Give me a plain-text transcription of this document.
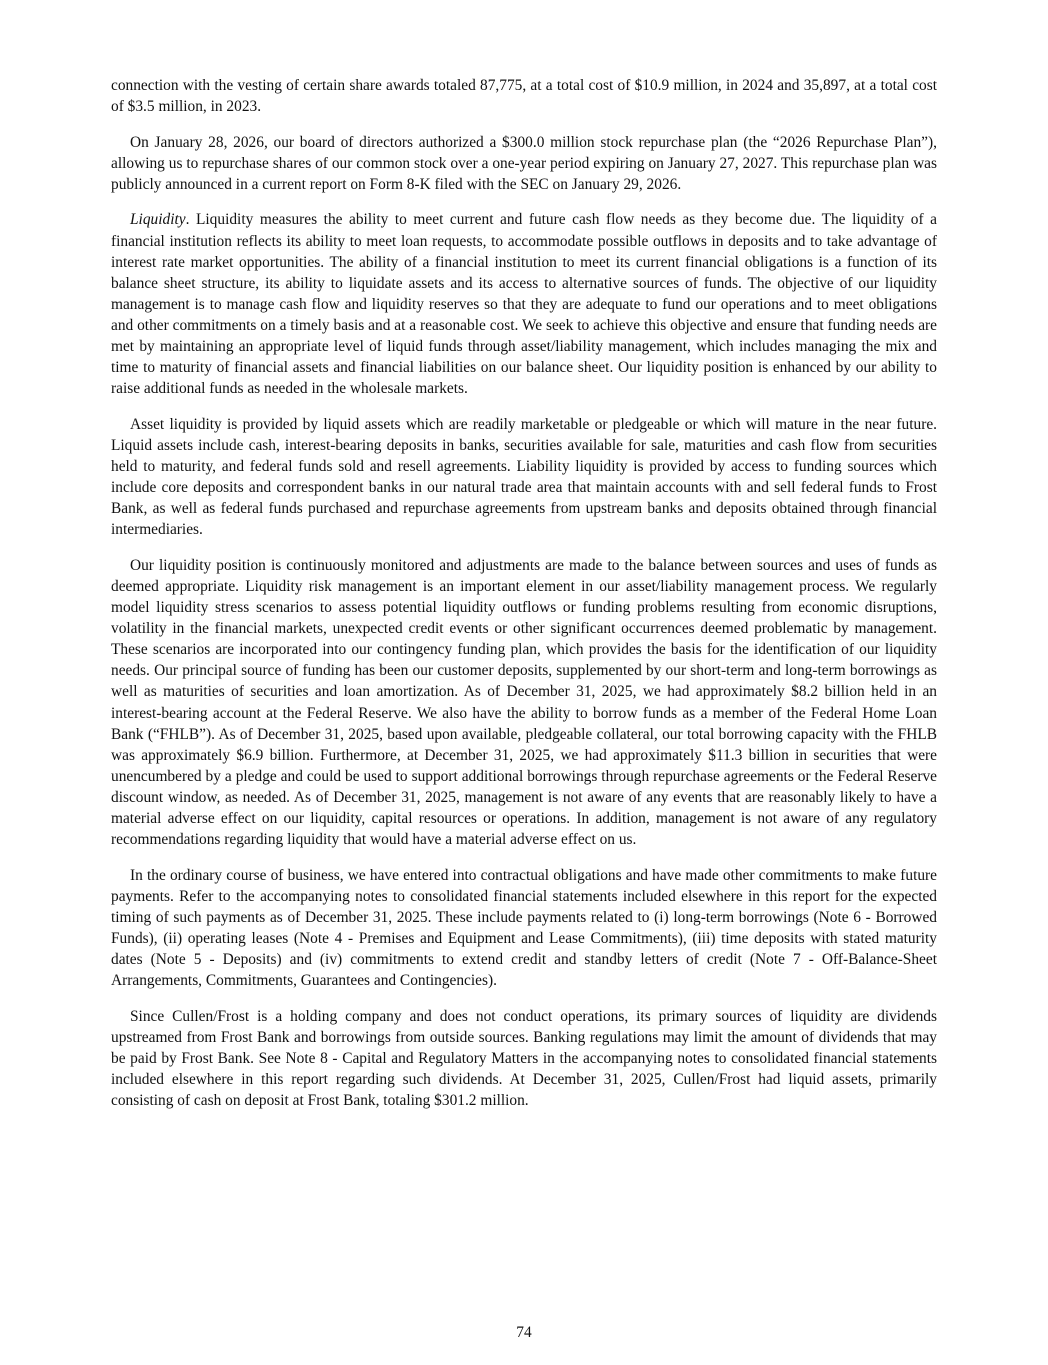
connection with the vesting of certain share awards totaled 87,775, at a total cost of $10.9 million, in 2024 and 35,897, at a total cost of $3.5 million, in 2023.

On January 28, 2026, our board of directors authorized a $300.0 million stock repurchase plan (the “2026 Repurchase Plan”), allowing us to repurchase shares of our common stock over a one-year period expiring on January 27, 2027. This repurchase plan was publicly announced in a current report on Form 8-K filed with the SEC on January 29, 2026.

Liquidity. Liquidity measures the ability to meet current and future cash flow needs as they become due. The liquidity of a financial institution reflects its ability to meet loan requests, to accommodate possible outflows in deposits and to take advantage of interest rate market opportunities. The ability of a financial institution to meet its current financial obligations is a function of its balance sheet structure, its ability to liquidate assets and its access to alternative sources of funds. The objective of our liquidity management is to manage cash flow and liquidity reserves so that they are adequate to fund our operations and to meet obligations and other commitments on a timely basis and at a reasonable cost. We seek to achieve this objective and ensure that funding needs are met by maintaining an appropriate level of liquid funds through asset/liability management, which includes managing the mix and time to maturity of financial assets and financial liabilities on our balance sheet. Our liquidity position is enhanced by our ability to raise additional funds as needed in the wholesale markets.

Asset liquidity is provided by liquid assets which are readily marketable or pledgeable or which will mature in the near future. Liquid assets include cash, interest-bearing deposits in banks, securities available for sale, maturities and cash flow from securities held to maturity, and federal funds sold and resell agreements. Liability liquidity is provided by access to funding sources which include core deposits and correspondent banks in our natural trade area that maintain accounts with and sell federal funds to Frost Bank, as well as federal funds purchased and repurchase agreements from upstream banks and deposits obtained through financial intermediaries.

Our liquidity position is continuously monitored and adjustments are made to the balance between sources and uses of funds as deemed appropriate. Liquidity risk management is an important element in our asset/liability management process. We regularly model liquidity stress scenarios to assess potential liquidity outflows or funding problems resulting from economic disruptions, volatility in the financial markets, unexpected credit events or other significant occurrences deemed problematic by management. These scenarios are incorporated into our contingency funding plan, which provides the basis for the identification of our liquidity needs. Our principal source of funding has been our customer deposits, supplemented by our short-term and long-term borrowings as well as maturities of securities and loan amortization. As of December 31, 2025, we had approximately $8.2 billion held in an interest-bearing account at the Federal Reserve. We also have the ability to borrow funds as a member of the Federal Home Loan Bank (“FHLB”). As of December 31, 2025, based upon available, pledgeable collateral, our total borrowing capacity with the FHLB was approximately $6.9 billion. Furthermore, at December 31, 2025, we had approximately $11.3 billion in securities that were unencumbered by a pledge and could be used to support additional borrowings through repurchase agreements or the Federal Reserve discount window, as needed. As of December 31, 2025, management is not aware of any events that are reasonably likely to have a material adverse effect on our liquidity, capital resources or operations. In addition, management is not aware of any regulatory recommendations regarding liquidity that would have a material adverse effect on us.

In the ordinary course of business, we have entered into contractual obligations and have made other commitments to make future payments. Refer to the accompanying notes to consolidated financial statements included elsewhere in this report for the expected timing of such payments as of December 31, 2025. These include payments related to (i) long-term borrowings (Note 6 - Borrowed Funds), (ii) operating leases (Note 4 - Premises and Equipment and Lease Commitments), (iii) time deposits with stated maturity dates (Note 5 - Deposits) and (iv) commitments to extend credit and standby letters of credit (Note 7 - Off-Balance-Sheet Arrangements, Commitments, Guarantees and Contingencies).

Since Cullen/Frost is a holding company and does not conduct operations, its primary sources of liquidity are dividends upstreamed from Frost Bank and borrowings from outside sources. Banking regulations may limit the amount of dividends that may be paid by Frost Bank. See Note 8 - Capital and Regulatory Matters in the accompanying notes to consolidated financial statements included elsewhere in this report regarding such dividends. At December 31, 2025, Cullen/Frost had liquid assets, primarily consisting of cash on deposit at Frost Bank, totaling $301.2 million.

74
